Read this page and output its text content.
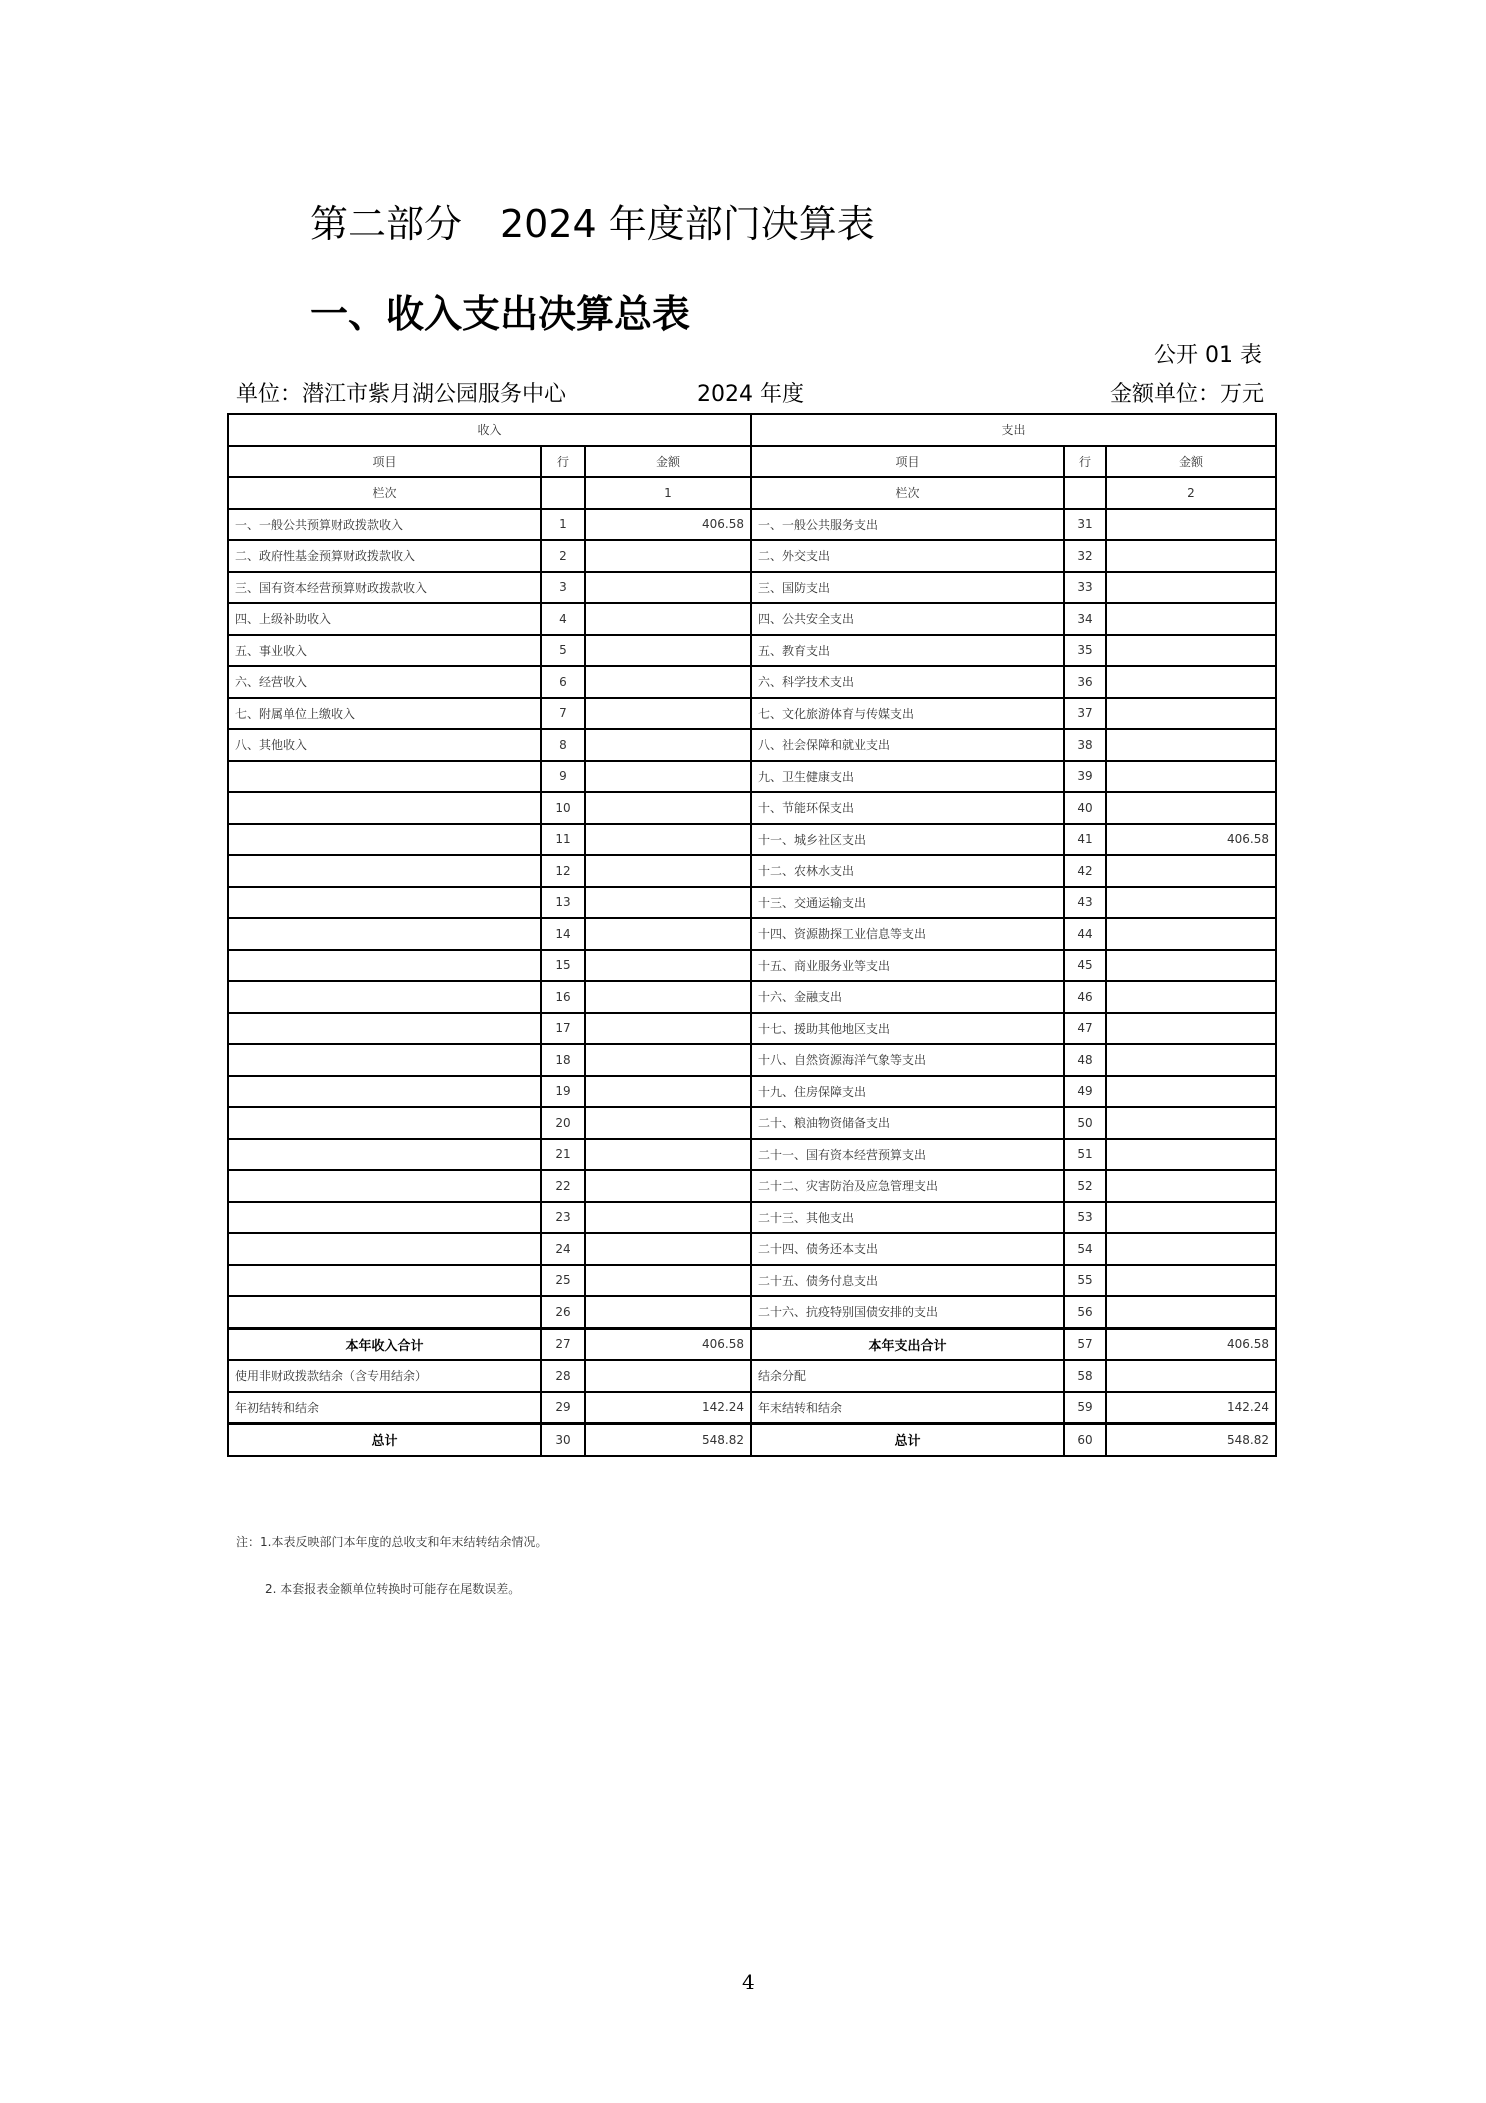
第二部分　2024 年度部门决算表
一、收入支出决算总表
公开 01 表
单位：潜江市紫月湖公园服务中心	2024 年度	金额单位：万元
收入			支出		
项目	行	金额	项目	行	金额
栏次		1	栏次		2
一、一般公共预算财政拨款收入	1	406.58	一、一般公共服务支出	31	
二、政府性基金预算财政拨款收入	2		二、外交支出	32	
三、国有资本经营预算财政拨款收入	3		三、国防支出	33	
四、上级补助收入	4		四、公共安全支出	34	
五、事业收入	5		五、教育支出	35	
六、经营收入	6		六、科学技术支出	36	
七、附属单位上缴收入	7		七、文化旅游体育与传媒支出	37	
八、其他收入	8		八、社会保障和就业支出	38	
	9		九、卫生健康支出	39	
	10		十、节能环保支出	40	
	11		十一、城乡社区支出	41	406.58
	12		十二、农林水支出	42	
	13		十三、交通运输支出	43	
	14		十四、资源勘探工业信息等支出	44	
	15		十五、商业服务业等支出	45	
	16		十六、金融支出	46	
	17		十七、援助其他地区支出	47	
	18		十八、自然资源海洋气象等支出	48	
	19		十九、住房保障支出	49	
	20		二十、粮油物资储备支出	50	
	21		二十一、国有资本经营预算支出	51	
	22		二十二、灾害防治及应急管理支出	52	
	23		二十三、其他支出	53	
	24		二十四、债务还本支出	54	
	25		二十五、债务付息支出	55	
	26		二十六、抗疫特别国债安排的支出	56	
本年收入合计	27	406.58	本年支出合计	57	406.58
使用非财政拨款结余（含专用结余）	28		结余分配	58	
年初结转和结余	29	142.24	年末结转和结余	59	142.24
总计	30	548.82	总计	60	548.82
注：1.本表反映部门本年度的总收支和年末结转结余情况。
2. 本套报表金额单位转换时可能存在尾数误差。
4
